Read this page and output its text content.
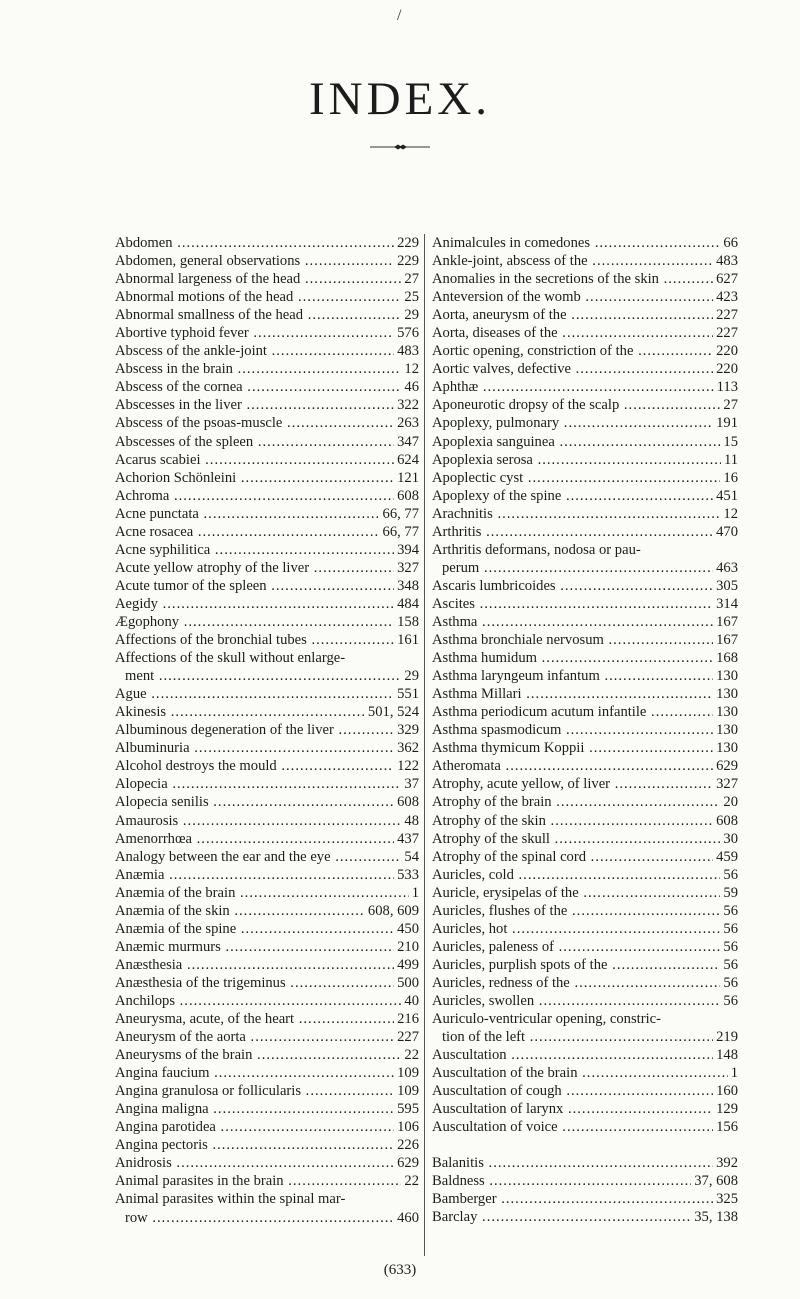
/
INDEX.
Abdomen .....	229
Abdomen, general observations .....	229
Abnormal largeness of the head .....	27
Abnormal motions of the head .....	25
Abnormal smallness of the head .....	29
Abortive typhoid fever .....	576
Abscess of the ankle-joint .....	483
Abscess in the brain .....	12
Abscess of the cornea .....	46
Abscesses in the liver .....	322
Abscess of the psoas-muscle .....	263
Abscesses of the spleen .....	347
Acarus scabiei .....	624
Achorion Schönleini .....	121
Achroma .....	608
Acne punctata .....	66, 77
Acne rosacea .....	66, 77
Acne syphilitica .....	394
Acute yellow atrophy of the liver .....	327
Acute tumor of the spleen .....	348
Aegidy .....	484
Ægophony .....	158
Affections of the bronchial tubes .....	161
Affections of the skull without enlarge-
ment .....	29
Ague .....	551
Akinesis .....	501, 524
Albuminous degeneration of the liver .....	329
Albuminuria .....	362
Alcohol destroys the mould .....	122
Alopecia .....	37
Alopecia senilis .....	608
Amaurosis .....	48
Amenorrhœa .....	437
Analogy between the ear and the eye .....	54
Anæmia .....	533
Anæmia of the brain .....	1
Anæmia of the skin .....	608, 609
Anæmia of the spine .....	450
Anæmic murmurs .....	210
Anæsthesia .....	499
Anæsthesia of the trigeminus .....	500
Anchilops .....	40
Aneurysma, acute, of the heart .....	216
Aneurysm of the aorta .....	227
Aneurysms of the brain .....	22
Angina faucium .....	109
Angina granulosa or follicularis .....	109
Angina maligna .....	595
Angina parotidea .....	106
Angina pectoris .....	226
Anidrosis .....	629
Animal parasites in the brain .....	22
Animal parasites within the spinal mar-
row .....	460
Animalcules in comedones .....	66
Ankle-joint, abscess of the .....	483
Anomalies in the secretions of the skin .....	627
Anteversion of the womb .....	423
Aorta, aneurysm of the .....	227
Aorta, diseases of the .....	227
Aortic opening, constriction of the .....	220
Aortic valves, defective .....	220
Aphthæ .....	113
Aponeurotic dropsy of the scalp .....	27
Apoplexy, pulmonary .....	191
Apoplexia sanguinea .....	15
Apoplexia serosa .....	11
Apoplectic cyst .....	16
Apoplexy of the spine .....	451
Arachnitis .....	12
Arthritis .....	470
Arthritis deformans, nodosa or pau-
perum .....	463
Ascaris lumbricoides .....	305
Ascites .....	314
Asthma .....	167
Asthma bronchiale nervosum .....	167
Asthma humidum .....	168
Asthma laryngeum infantum .....	130
Asthma Millari .....	130
Asthma periodicum acutum infantile .....	130
Asthma spasmodicum .....	130
Asthma thymicum Koppii .....	130
Atheromata .....	629
Atrophy, acute yellow, of liver .....	327
Atrophy of the brain .....	20
Atrophy of the skin .....	608
Atrophy of the skull .....	30
Atrophy of the spinal cord .....	459
Auricles, cold .....	56
Auricle, erysipelas of the .....	59
Auricles, flushes of the .....	56
Auricles, hot .....	56
Auricles, paleness of .....	56
Auricles, purplish spots of the .....	56
Auricles, redness of the .....	56
Auricles, swollen .....	56
Auriculo-ventricular opening, constric-
tion of the left .....	219
Auscultation .....	148
Auscultation of the brain .....	1
Auscultation of cough .....	160
Auscultation of larynx .....	129
Auscultation of voice .....	156
Balanitis .....	392
Baldness .....	37, 608
Bamberger .....	325
Barclay .....	35, 138
(633)
